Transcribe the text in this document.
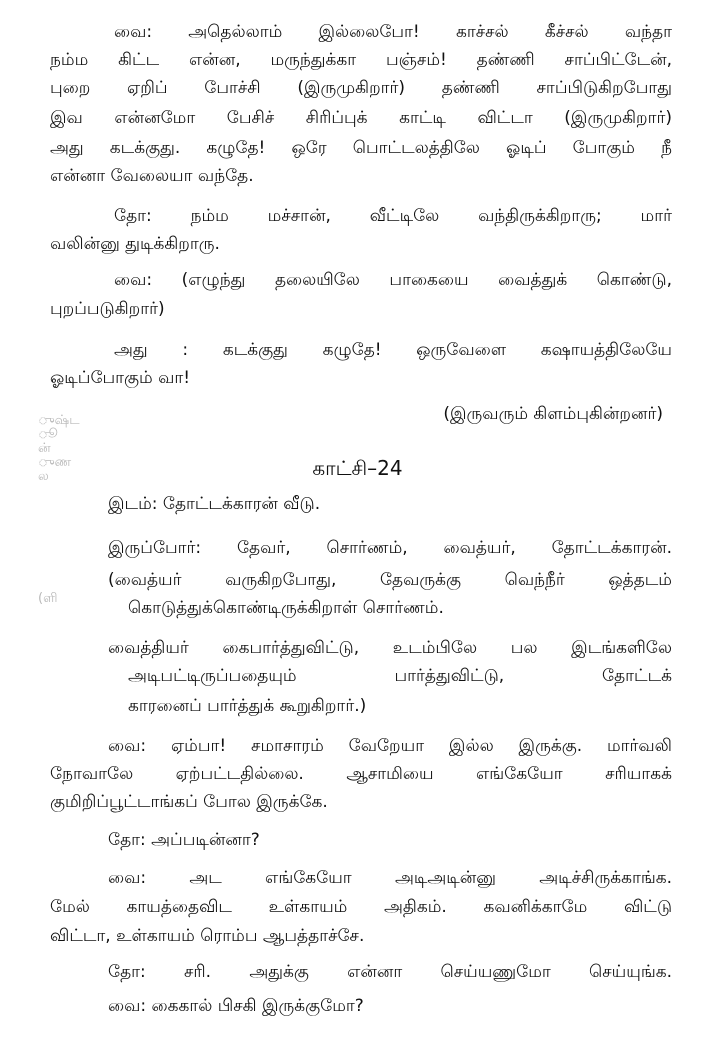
ுஷ்ட
ூ
ன்
ுண
ல
(ளி
வை: அதெல்லாம் இல்லைபோ! காச்சல் கீச்சல் வந்தா
நம்ம கிட்ட என்ன, மருந்துக்கா பஞ்சம்! தண்ணி சாப்பிட்டேன்,
புறை ஏறிப் போச்சி (இருமுகிறார்) தண்ணி சாப்பிடுகிறபோது
இவ என்னமோ பேசிச் சிரிப்புக் காட்டி விட்டா (இருமுகிறார்)
அது கடக்குது. கழுதே! ஒரே பொட்டலத்திலே ஓடிப் போகும் நீ
என்னா வேலையா வந்தே.
தோ: நம்ம மச்சான், வீட்டிலே வந்திருக்கிறாரு; மார்
வலின்னு துடிக்கிறாரு.
வை: (எழுந்து தலையிலே பாகையை வைத்துக் கொண்டு,
புறப்படுகிறார்)
அது : கடக்குது கழுதே! ஒருவேளை கஷாயத்திலேயே
ஓடிப்போகும் வா!
(இருவரும் கிளம்புகின்றனர்)
காட்சி–24
இடம்: தோட்டக்காரன் வீடு.
இருப்போர்: தேவர், சொர்ணம், வைத்யர், தோட்டக்காரன்.
(வைத்யர் வருகிறபோது, தேவருக்கு வெந்நீர் ஒத்தடம்
கொடுத்துக்கொண்டிருக்கிறாள் சொர்ணம்.
வைத்தியர் கைபார்த்துவிட்டு, உடம்பிலே பல இடங்களிலே
அடிபட்டிருப்பதையும் பார்த்துவிட்டு, தோட்டக்
காரனைப் பார்த்துக் கூறுகிறார்.)
வை: ஏம்பா! சமாசாரம் வேறேயா இல்ல இருக்கு. மார்வலி
நோவாலே ஏற்பட்டதில்லை. ஆசாமியை எங்கேயோ சரியாகக்
குமிறிப்பூட்டாங்கப் போல இருக்கே.
தோ: அப்படின்னா?
வை: அட எங்கேயோ அடிஅடின்னு அடிச்சிருக்காங்க.
மேல் காயத்தைவிட உள்காயம் அதிகம். கவனிக்காமே விட்டு
விட்டா, உள்காயம் ரொம்ப ஆபத்தாச்சே.
தோ: சரி. அதுக்கு என்னா செய்யணுமோ செய்யுங்க.
வை: கைகால் பிசகி இருக்குமோ?
